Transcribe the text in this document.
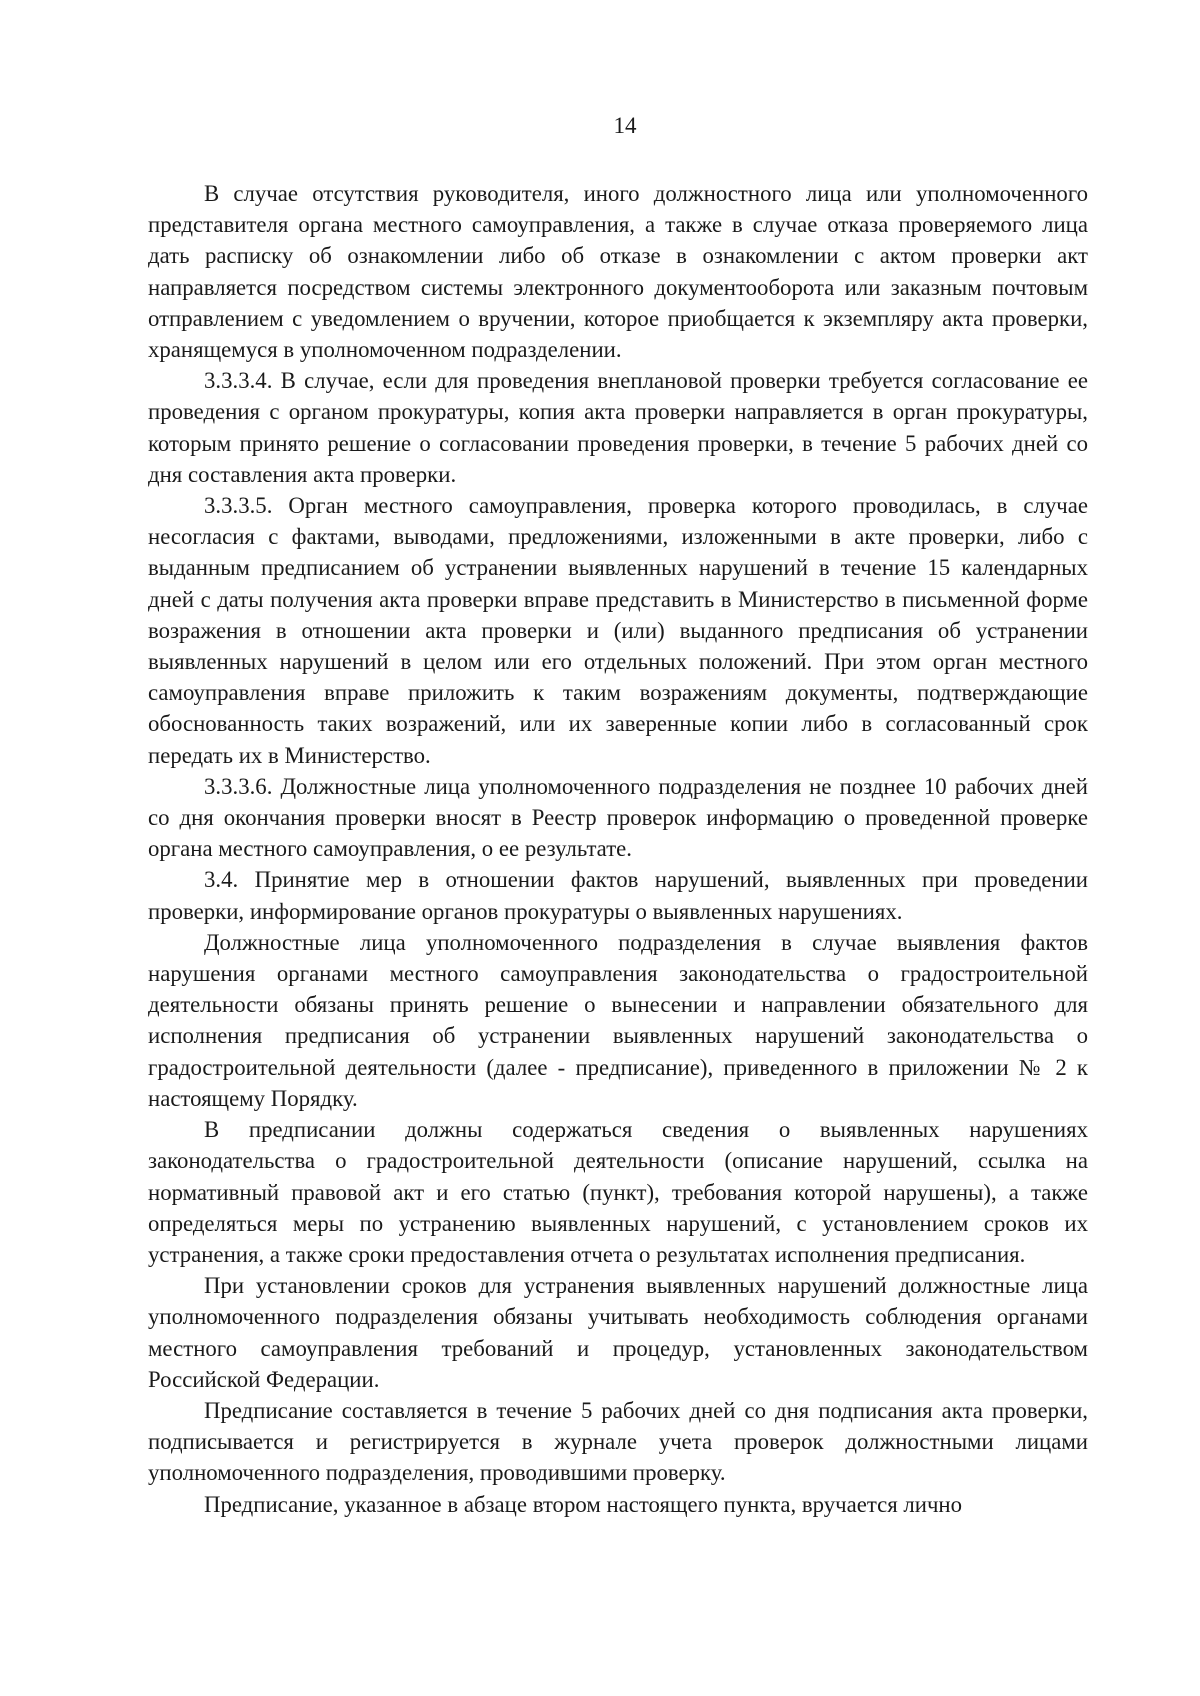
14

В случае отсутствия руководителя, иного должностного лица или уполномоченного представителя органа местного самоуправления, а также в случае отказа проверяемого лица дать расписку об ознакомлении либо об отказе в ознакомлении с актом проверки акт направляется посредством системы электронного документооборота или заказным почтовым отправлением с уведомлением о вручении, которое приобщается к экземпляру акта проверки, хранящемуся в уполномоченном подразделении.

3.3.3.4. В случае, если для проведения внеплановой проверки требуется согласование ее проведения с органом прокуратуры, копия акта проверки направляется в орган прокуратуры, которым принято решение о согласовании проведения проверки, в течение 5 рабочих дней со дня составления акта проверки.

3.3.3.5. Орган местного самоуправления, проверка которого проводилась, в случае несогласия с фактами, выводами, предложениями, изложенными в акте проверки, либо с выданным предписанием об устранении выявленных нарушений в течение 15 календарных дней с даты получения акта проверки вправе представить в Министерство в письменной форме возражения в отношении акта проверки и (или) выданного предписания об устранении выявленных нарушений в целом или его отдельных положений. При этом орган местного самоуправления вправе приложить к таким возражениям документы, подтверждающие обоснованность таких возражений, или их заверенные копии либо в согласованный срок передать их в Министерство.

3.3.3.6. Должностные лица уполномоченного подразделения не позднее 10 рабочих дней со дня окончания проверки вносят в Реестр проверок информацию о проведенной проверке органа местного самоуправления, о ее результате.

3.4. Принятие мер в отношении фактов нарушений, выявленных при проведении проверки, информирование органов прокуратуры о выявленных нарушениях.

Должностные лица уполномоченного подразделения в случае выявления фактов нарушения органами местного самоуправления законодательства о градостроительной деятельности обязаны принять решение о вынесении и направлении обязательного для исполнения предписания об устранении выявленных нарушений законодательства о градостроительной деятельности (далее - предписание), приведенного в приложении № 2 к настоящему Порядку.

В предписании должны содержаться сведения о выявленных нарушениях законодательства о градостроительной деятельности (описание нарушений, ссылка на нормативный правовой акт и его статью (пункт), требования которой нарушены), а также определяться меры по устранению выявленных нарушений, с установлением сроков их устранения, а также сроки предоставления отчета о результатах исполнения предписания.

При установлении сроков для устранения выявленных нарушений должностные лица уполномоченного подразделения обязаны учитывать необходимость соблюдения органами местного самоуправления требований и процедур, установленных законодательством Российской Федерации.

Предписание составляется в течение 5 рабочих дней со дня подписания акта проверки, подписывается и регистрируется в журнале учета проверок должностными лицами уполномоченного подразделения, проводившими проверку.

Предписание, указанное в абзаце втором настоящего пункта, вручается лично
